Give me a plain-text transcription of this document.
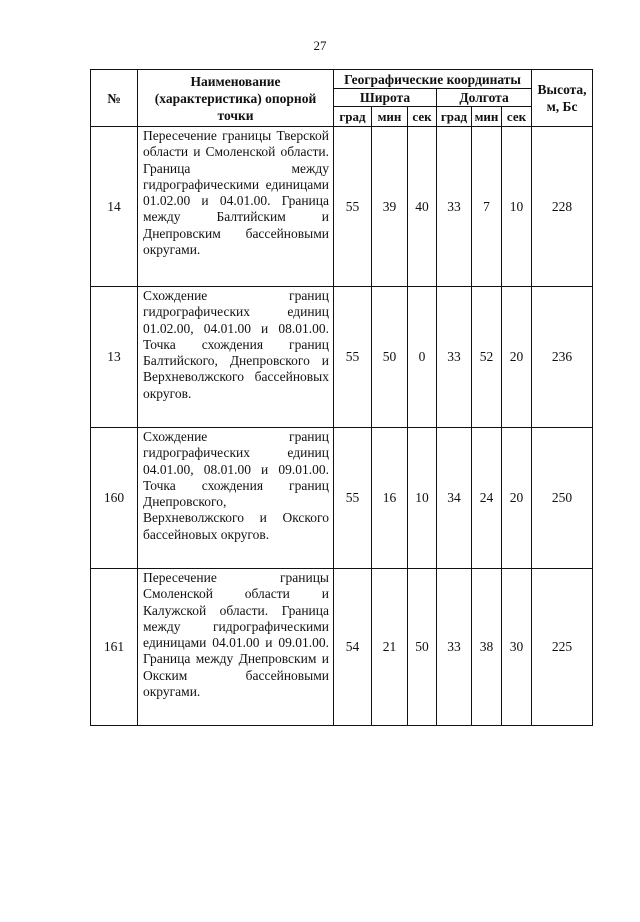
27
№	Наименование (характеристика) опорной точки	Географические координаты						Высота, м, Бс
		Широта			Долгота			
		град	мин	сек	град	мин	сек	
14	Пересечение границы Тверской области и Смоленской области. Граница между гидрографическими единицами 01.02.00 и 04.01.00. Граница между Балтийским и Днепровским бассейновыми округами.	55	39	40	33	7	10	228
13	Схождение границ гидрографических единиц 01.02.00, 04.01.00 и 08.01.00. Точка схождения границ Балтийского, Днепровского и Верхневолжского бассейновых округов.	55	50	0	33	52	20	236
160	Схождение границ гидрографических единиц 04.01.00, 08.01.00 и 09.01.00. Точка схождения границ Днепровского, Верхневолжского и Окского бассейновых округов.	55	16	10	34	24	20	250
161	Пересечение границы Смоленской области и Калужской области. Граница между гидрографическими единицами 04.01.00 и 09.01.00. Граница между Днепровским и Окским бассейновыми округами.	54	21	50	33	38	30	225
